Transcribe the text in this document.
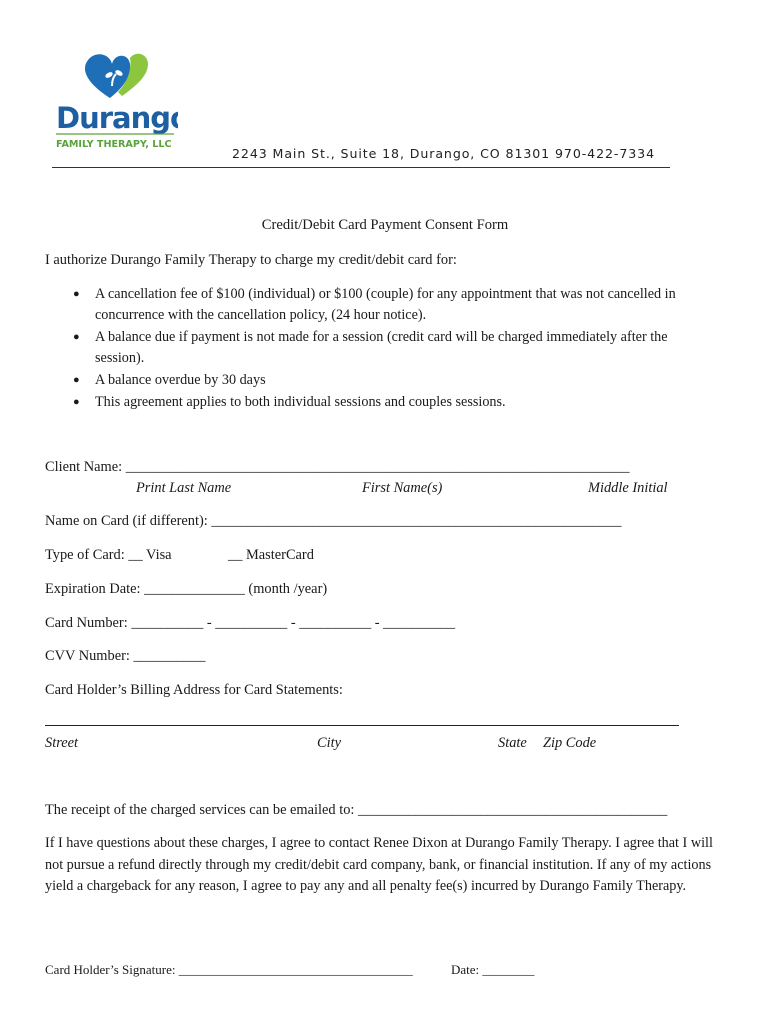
Durango
FAMILY THERAPY, LLC
2243 Main St., Suite 18, Durango, CO 81301 970-422-7334
Credit/Debit Card Payment Consent Form
I authorize Durango Family Therapy to charge my credit/debit card for:
● A cancellation fee of $100 (individual) or $100 (couple) for any appointment that was not cancelled in concurrence with the cancellation policy, (24 hour notice).
● A balance due if payment is not made for a session (credit card will be charged immediately after the session).
● A balance overdue by 30 days
● This agreement applies to both individual sessions and couples sessions.
Client Name: ______________________________________________________________________
Print Last Name	First Name(s)	Middle Initial
Name on Card (if different): _________________________________________________________
Type of Card: __ Visa	__ MasterCard
Expiration Date: ______________ (month /year)
Card Number: __________ - __________ - __________ - __________
CVV Number: __________
Card Holder’s Billing Address for Card Statements:
Street	City	State Zip Code
The receipt of the charged services can be emailed to: ___________________________________________
If I have questions about these charges, I agree to contact Renee Dixon at Durango Family Therapy. I agree that I will not pursue a refund directly through my credit/debit card company, bank, or financial institution. If any of my actions yield a chargeback for any reason, I agree to pay any and all penalty fee(s) incurred by Durango Family Therapy.
Card Holder’s Signature: ____________________________________	Date: ________
